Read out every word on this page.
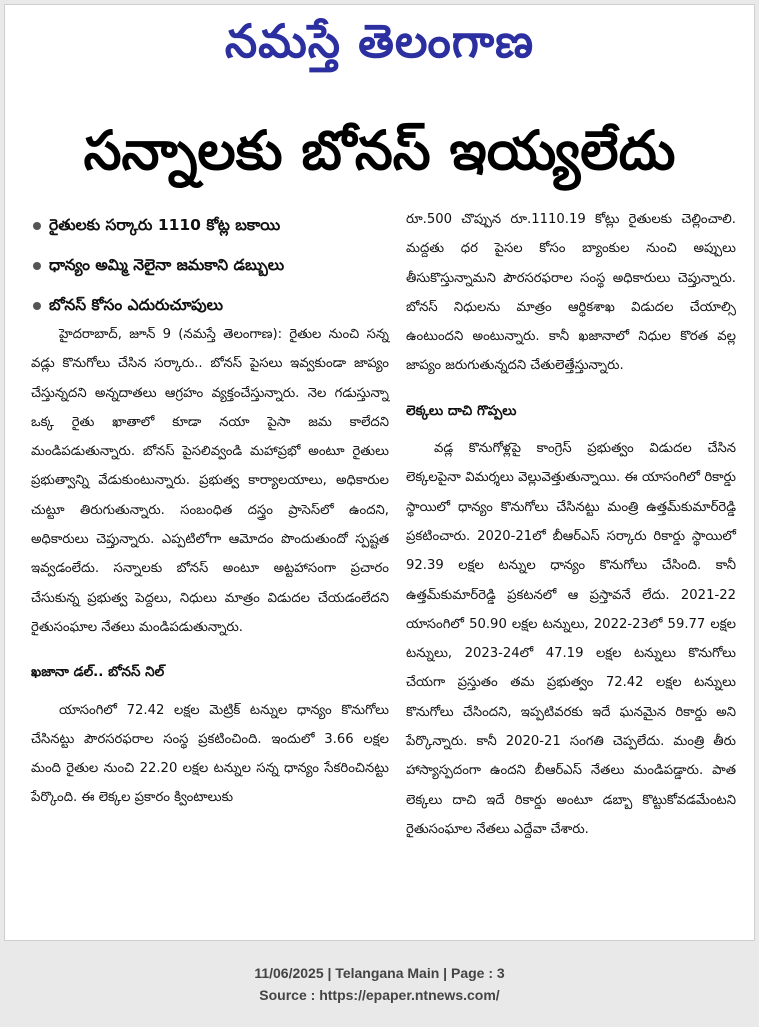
నమస్తే తెలంగాణ
సన్నాలకు బోనస్ ఇయ్యలేదు
రైతులకు సర్కారు 1110 కోట్ల బకాయి
ధాన్యం అమ్మి నెలైనా జమకాని డబ్బులు
బోనస్ కోసం ఎదురుచూపులు

హైదరాబాద్, జూన్ 9 (నమస్తే తెలంగాణ): రైతుల నుంచి సన్న వడ్లు కొనుగోలు చేసిన సర్కారు.. బోనస్ పైసలు ఇవ్వకుండా జాప్యం చేస్తున్నదని అన్నదాతలు ఆగ్రహం వ్యక్తంచేస్తున్నారు. నెల గడుస్తున్నా ఒక్క రైతు ఖాతాలో కూడా నయా పైసా జమ కాలేదని మండిపడుతున్నారు. బోనస్ పైసలివ్వండి మహాప్రభో అంటూ రైతులు ప్రభుత్వాన్ని వేడుకుంటున్నారు. ప్రభుత్వ కార్యాలయాలు, అధికారుల చుట్టూ తిరుగుతున్నారు. సంబంధిత దస్త్రం ప్రాసెస్‌లో ఉందని, అధికారులు చెప్తున్నారు. ఎప్పటిలోగా ఆమోదం పొందుతుందో స్పష్టత ఇవ్వడంలేదు. సన్నాలకు బోనస్ అంటూ అట్టహాసంగా ప్రచారం చేసుకున్న ప్రభుత్వ పెద్దలు, నిధులు మాత్రం విడుదల చేయడంలేదని రైతుసంఘాల నేతలు మండిపడుతున్నారు.

ఖజానా డల్.. బోనస్ నిల్

యాసంగిలో 72.42 లక్షల మెట్రిక్ టన్నుల ధాన్యం కొనుగోలు చేసినట్టు పౌరసరఫరాల సంస్థ ప్రకటించింది. ఇందులో 3.66 లక్షల మంది రైతుల నుంచి 22.20 లక్షల టన్నుల సన్న ధాన్యం సేకరించినట్టు పేర్కొంది. ఈ లెక్కల ప్రకారం క్వింటాలుకు

రూ.500 చొప్పున రూ.1110.19 కోట్లు రైతులకు చెల్లించాలి. మద్దతు ధర పైసల కోసం బ్యాంకుల నుంచి అప్పులు తీసుకొస్తున్నామని పౌరసరఫరాల సంస్థ అధికారులు చెప్తున్నారు. బోనస్ నిధులను మాత్రం ఆర్థికశాఖ విడుదల చేయాల్సి ఉంటుందని అంటున్నారు. కానీ ఖజానాలో నిధుల కొరత వల్ల జాప్యం జరుగుతున్నదని చేతులెత్తేస్తున్నారు.

లెక్కలు దాచి గొప్పలు

వడ్ల కొనుగోళ్లపై కాంగ్రెస్ ప్రభుత్వం విడుదల చేసిన లెక్కలపైనా విమర్శలు వెల్లువెత్తుతున్నాయి. ఈ యాసంగిలో రికార్డు స్థాయిలో ధాన్యం కొనుగోలు చేసినట్టు మంత్రి ఉత్తమ్‌కుమార్‌రెడ్డి ప్రకటించారు. 2020-21లో బీఆర్‌ఎస్ సర్కారు రికార్డు స్థాయిలో 92.39 లక్షల టన్నుల ధాన్యం కొనుగోలు చేసింది. కానీ ఉత్తమ్‌కుమార్‌రెడ్డి ప్రకటనలో ఆ ప్రస్తావనే లేదు. 2021-22 యాసంగిలో 50.90 లక్షల టన్నులు, 2022-23లో 59.77 లక్షల టన్నులు, 2023-24లో 47.19 లక్షల టన్నులు కొనుగోలు చేయగా ప్రస్తుతం తమ ప్రభుత్వం 72.42 లక్షల టన్నులు కొనుగోలు చేసిందని, ఇప్పటివరకు ఇదే ఘనమైన రికార్డు అని పేర్కొన్నారు. కానీ 2020-21 సంగతి చెప్పలేదు. మంత్రి తీరు హాస్యాస్పదంగా ఉందని బీఆర్‌ఎస్ నేతలు మండిపడ్డారు. పాత లెక్కలు దాచి ఇదే రికార్డు అంటూ డబ్బా కొట్టుకోవడమేంటని రైతుసంఘాల నేతలు ఎద్దేవా చేశారు.

11/06/2025 | Telangana Main | Page : 3
Source : https://epaper.ntnews.com/
